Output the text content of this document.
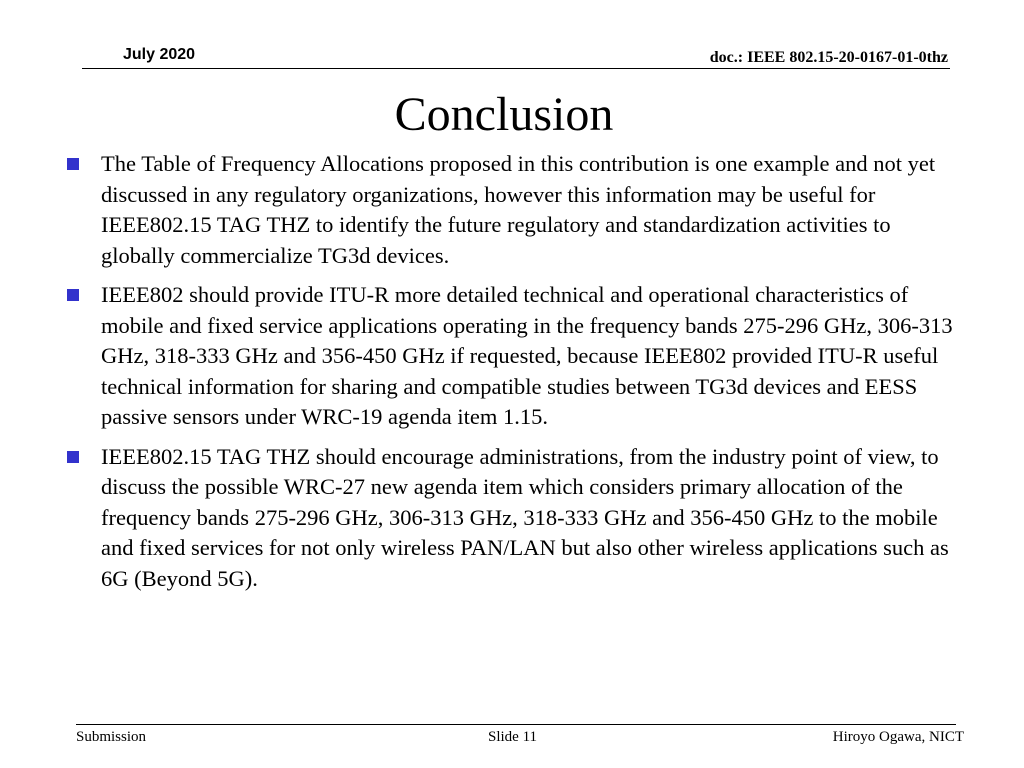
July 2020	doc.: IEEE 802.15-20-0167-01-0thz
Conclusion
The Table of Frequency Allocations proposed in this contribution is one example and not yet discussed in any regulatory organizations, however this information may be useful for IEEE802.15 TAG THZ to identify the future regulatory and standardization activities to globally commercialize TG3d devices.
IEEE802 should provide ITU-R more detailed technical and operational characteristics of mobile and fixed service applications operating in the frequency bands 275-296 GHz, 306-313 GHz, 318-333 GHz and 356-450 GHz if requested, because IEEE802 provided ITU-R useful technical information for sharing and compatible studies between TG3d devices and EESS passive sensors under WRC-19 agenda item 1.15.
IEEE802.15 TAG THZ should encourage administrations, from the industry point of view, to discuss the possible WRC-27 new agenda item which considers primary allocation of the frequency bands 275-296 GHz, 306-313 GHz, 318-333 GHz and 356-450 GHz to the mobile and fixed services for not only wireless PAN/LAN but also other wireless applications such as 6G (Beyond 5G).
Submission	Slide 11	Hiroyo Ogawa, NICT
